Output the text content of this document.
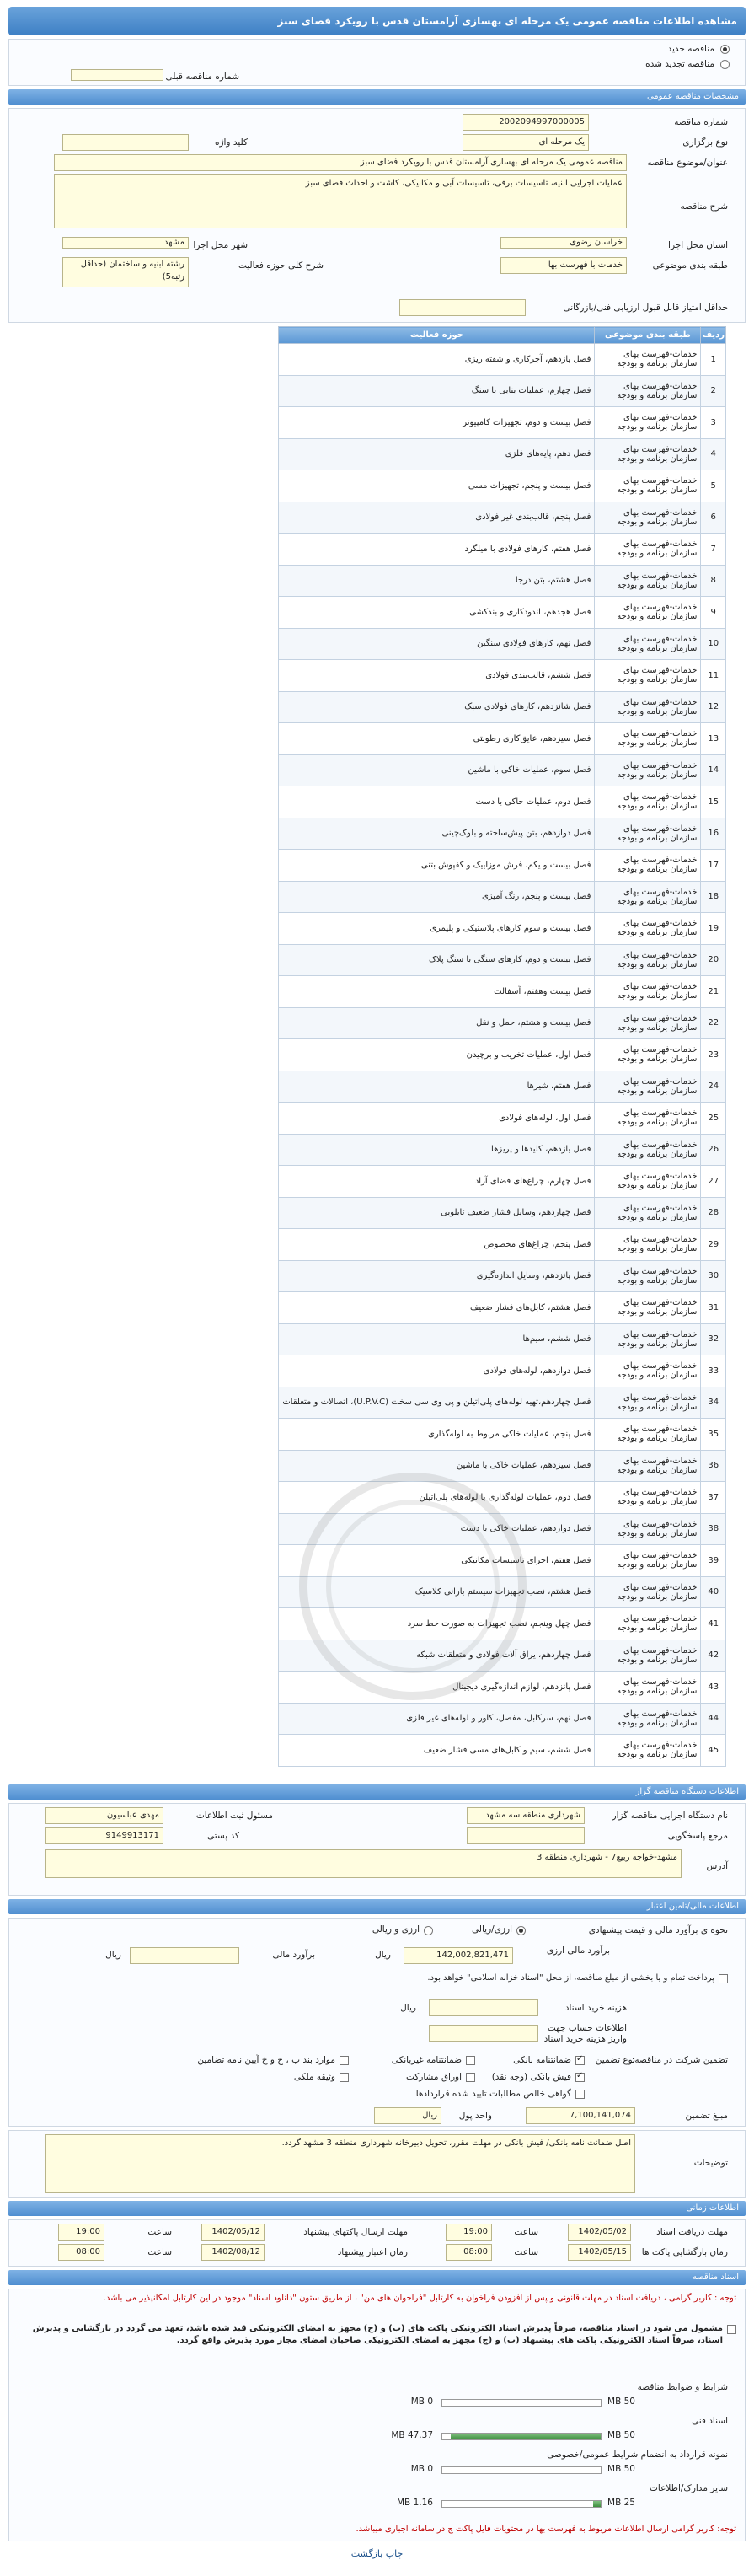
مشاهده اطلاعات مناقصه عمومی یک مرحله ای بهسازی آرامستان قدس با رویکرد فضای سبز
مناقصه جدید
مناقصه تجدید شده
شماره مناقصه قبلی
مشخصات مناقصه عمومی
شماره مناقصه
2002094997000005
نوع برگزاری
یک مرحله ای
کلید واژه
عنوان/موضوع مناقصه
مناقصه عمومی یک مرحله ای بهسازی آرامستان قدس با رویکرد فضای سبز
شرح مناقصه
عملیات اجرایی ابنیه، تاسیسات برقی، تاسیسات آبی و مکانیکی، کاشت و احداث فضای سبز
استان محل اجرا
خراسان رضوی
شهر محل اجرا
مشهد
طبقه بندی موضوعی
خدمات با فهرست بها
شرح کلی حوزه فعالیت
رشته ابنیه و ساختمان (حداقل رتبه5)
حداقل امتیاز قابل قبول ارزیابی فنی/بازرگانی
ردیف	طبقه بندی موضوعی	حوزه فعالیت
1	خدمات-فهرست بهای سازمان برنامه و بودجه	فصل یازدهم، آجرکاری و شفته ریزی
2	خدمات-فهرست بهای سازمان برنامه و بودجه	فصل چهارم، عملیات بنایی با سنگ
3	خدمات-فهرست بهای سازمان برنامه و بودجه	فصل بیست و دوم، تجهیزات کامپیوتر
4	خدمات-فهرست بهای سازمان برنامه و بودجه	فصل دهم، پایه‌های فلزی
5	خدمات-فهرست بهای سازمان برنامه و بودجه	فصل بیست و پنجم، تجهیزات مسی
6	خدمات-فهرست بهای سازمان برنامه و بودجه	فصل پنجم، قالب‌بندی غیر فولادی
7	خدمات-فهرست بهای سازمان برنامه و بودجه	فصل هفتم، کارهای فولادی با میلگرد
8	خدمات-فهرست بهای سازمان برنامه و بودجه	فصل هشتم، بتن درجا
9	خدمات-فهرست بهای سازمان برنامه و بودجه	فصل هجدهم، اندودکاری و بندکشی
10	خدمات-فهرست بهای سازمان برنامه و بودجه	فصل نهم، کارهای فولادی سنگین
11	خدمات-فهرست بهای سازمان برنامه و بودجه	فصل ششم، قالب‌بندی فولادی
12	خدمات-فهرست بهای سازمان برنامه و بودجه	فصل شانزدهم، کارهای فولادی سبک
13	خدمات-فهرست بهای سازمان برنامه و بودجه	فصل سیزدهم، عایق‌کاری رطوبتی
14	خدمات-فهرست بهای سازمان برنامه و بودجه	فصل سوم، عملیات خاکی با ماشین
15	خدمات-فهرست بهای سازمان برنامه و بودجه	فصل دوم، عملیات خاکی با دست
16	خدمات-فهرست بهای سازمان برنامه و بودجه	فصل دوازدهم، بتن پیش‌ساخته و بلوک‌چینی
17	خدمات-فهرست بهای سازمان برنامه و بودجه	فصل بیست و یکم، فرش موزاییک و کفپوش بتنی
18	خدمات-فهرست بهای سازمان برنامه و بودجه	فصل بیست و پنجم، رنگ آمیزی
19	خدمات-فهرست بهای سازمان برنامه و بودجه	فصل بیست و سوم کارهای پلاستیکی و پلیمری
20	خدمات-فهرست بهای سازمان برنامه و بودجه	فصل بیست و دوم، کارهای سنگی با سنگ پلاک
21	خدمات-فهرست بهای سازمان برنامه و بودجه	فصل بیست وهفتم، آسفالت
22	خدمات-فهرست بهای سازمان برنامه و بودجه	فصل بیست و هشتم، حمل و نقل
23	خدمات-فهرست بهای سازمان برنامه و بودجه	فصل اول، عملیات تخریب و برچیدن
24	خدمات-فهرست بهای سازمان برنامه و بودجه	فصل هفتم، شیرها
25	خدمات-فهرست بهای سازمان برنامه و بودجه	فصل اول، لوله‌های فولادی
26	خدمات-فهرست بهای سازمان برنامه و بودجه	فصل یازدهم، کلیدها و پریزها
27	خدمات-فهرست بهای سازمان برنامه و بودجه	فصل چهارم، چراغ‌های فضای آزاد
28	خدمات-فهرست بهای سازمان برنامه و بودجه	فصل چهاردهم، وسایل فشار ضعیف تابلویی
29	خدمات-فهرست بهای سازمان برنامه و بودجه	فصل پنجم، چراغ‌های مخصوص
30	خدمات-فهرست بهای سازمان برنامه و بودجه	فصل پانزدهم، وسایل اندازه‌گیری
31	خدمات-فهرست بهای سازمان برنامه و بودجه	فصل هشتم، کابل‌های فشار ضعیف
32	خدمات-فهرست بهای سازمان برنامه و بودجه	فصل ششم، سیم‌ها
33	خدمات-فهرست بهای سازمان برنامه و بودجه	فصل دوازدهم، لوله‌های فولادی
34	خدمات-فهرست بهای سازمان برنامه و بودجه	فصل چهاردهم،تهیه لوله‌های پلی‌اتیلن و پی وی سی سخت (U.P.V.C)، اتصالات و متعلقات
35	خدمات-فهرست بهای سازمان برنامه و بودجه	فصل پنجم، عملیات خاکی مربوط به لوله‌گذاری
36	خدمات-فهرست بهای سازمان برنامه و بودجه	فصل سیزدهم، عملیات خاکی با ماشین
37	خدمات-فهرست بهای سازمان برنامه و بودجه	فصل دوم، عملیات لوله‌گذاری با لوله‌های پلی‌اتیلن
38	خدمات-فهرست بهای سازمان برنامه و بودجه	فصل دوازدهم، عملیات خاکی با دست
39	خدمات-فهرست بهای سازمان برنامه و بودجه	فصل هفتم، اجرای تاسیسات مکانیکی
40	خدمات-فهرست بهای سازمان برنامه و بودجه	فصل هشتم، نصب تجهیزات سیستم بارانی کلاسیک
41	خدمات-فهرست بهای سازمان برنامه و بودجه	فصل چهل وینجم، نصب تجهیزات به صورت خط سرد
42	خدمات-فهرست بهای سازمان برنامه و بودجه	فصل چهاردهم، یراق آلات فولادی و متعلقات شبکه
43	خدمات-فهرست بهای سازمان برنامه و بودجه	فصل پانزدهم، لوازم اندازه‌گیری دیجیتال
44	خدمات-فهرست بهای سازمان برنامه و بودجه	فصل نهم، سرکابل، مفصل، کاور و لوله‌های غیر فلزی
45	خدمات-فهرست بهای سازمان برنامه و بودجه	فصل ششم، سیم و کابل‌های مسی فشار ضعیف
اطلاعات دستگاه مناقصه گزار
نام دستگاه اجرایی مناقصه گزار
شهرداری منطقه سه مشهد
مسئول ثبت اطلاعات
مهدی عباسیون
مرجع پاسخگویی
کد پستی
9149913171
آدرس
مشهد-خواجه ربیع7 - شهرداری منطقه 3
اطلاعات مالی/تامین اعتبار
نحوه ی برآورد مالی و قیمت پیشنهادی
ارزی/ریالی
ارزی و ریالی
برآورد مالی ارزی
142,002,821,471
ریال
برآورد مالی
ریال
پرداخت تمام و یا بخشی از مبلغ مناقصه، از محل "اسناد خزانه اسلامی" خواهد بود.
هزینه خرید اسناد
ریال
اطلاعات حساب جهت واریز هزینه خرید اسناد
تضمین شرکت در مناقصه:
نوع تضمین
✓
ضمانتنامه بانکی
ضمانتنامه غیربانکی
موارد بند ب ، ج و خ آیین نامه تضامین
✓
فیش بانکی (وجه نقد)
اوراق مشارکت
وثیقه ملکی
گواهی خالص مطالبات تایید شده قراردادها
مبلغ تضمین
7,100,141,074
واحد پول
ریال
توضیحات
اصل ضمانت نامه بانکی/ فیش بانکی در مهلت مقرر، تحویل دبیرخانه شهرداری منطقه 3 مشهد گردد.
اطلاعات زمانی
مهلت دریافت اسناد
1402/05/02
ساعت
19:00
مهلت ارسال پاکتهای پیشنهاد
1402/05/12
ساعت
19:00
زمان بازگشایی پاکت ها
1402/05/15
ساعت
08:00
زمان اعتبار پیشنهاد
1402/08/12
ساعت
08:00
اسناد مناقصه
توجه : کاربر گرامی ، دریافت اسناد در مهلت قانونی و پس از افزودن فراخوان به کارتابل "فراخوان های من" ، از طریق ستون "دانلود اسناد" موجود در این کارتابل امکانپذیر می باشد.
مشمول می شود در اسناد مناقصه، صرفاً پذیرش اسناد الکترونیکی پاکت های (ب) و (ج) مجهز به امضای الکترونیکی قید شده باشد، تعهد می گردد در بارگشایی و پذیرش اسناد، صرفاً اسناد الکترونیکی پاکت های پیشنهاد (ب) و (ج) مجهز به امضای الکترونیکی صاحبان امضای مجاز مورد پذیرش واقع گردد.
شرایط و ضوابط مناقصه
50 MB
0 MB
اسناد فنی
50 MB
47.37 MB
نمونه قرارداد به انضمام شرایط عمومی/خصوصی
50 MB
0 MB
سایر مدارک/اطلاعات
25 MB
1.16 MB
توجه: کاربر گرامی ارسال اطلاعات مربوط به فهرست بها در محتویات فایل پاکت ج در سامانه اجباری میباشد.
چاپ بازگشت
